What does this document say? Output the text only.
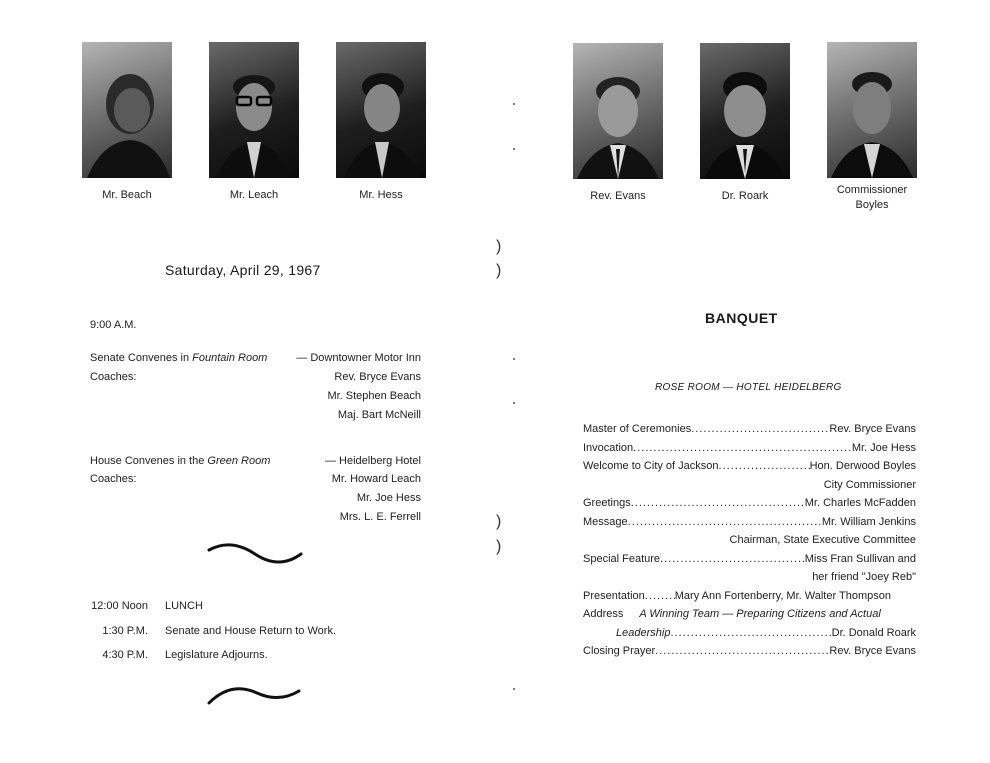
Mr. Beach	Mr. Leach	Mr. Hess
Saturday, April 29, 1967
9:00 A.M.
Senate Convenes in Fountain Room	— Downtowner Motor Inn
Coaches:	Rev. Bryce Evans
Mr. Stephen Beach
Maj. Bart McNeill
House Convenes in the Green Room	— Heidelberg Hotel
Coaches:	Mr. Howard Leach
Mr. Joe Hess
Mrs. L. E. Ferrell
12:00 Noon LUNCH
1:30 P.M. Senate and House Return to Work.
4:30 P.M. Legislature Adjourns.
)
)
)
)
Rev. Evans	Dr. Roark	Commissioner
Boyles
BANQUET
ROSE ROOM — HOTEL HEIDELBERG
Master of Ceremonies .....	Rev. Bryce Evans
Invocation .....	Mr. Joe Hess
Welcome to City of Jackson .....	Hon. Derwood Boyles
City Commissioner
Greetings .....	Mr. Charles McFadden
Message .....	Mr. William Jenkins
Chairman, State Executive Committee
Special Feature .....	Miss Fran Sullivan and
her friend "Joey Reb"
Presentation .....	Mary Ann Fortenberry, Mr. Walter Thompson
Address A Winning Team — Preparing Citizens and Actual
Leadership .....	Dr. Donald Roark
Closing Prayer .....	Rev. Bryce Evans
